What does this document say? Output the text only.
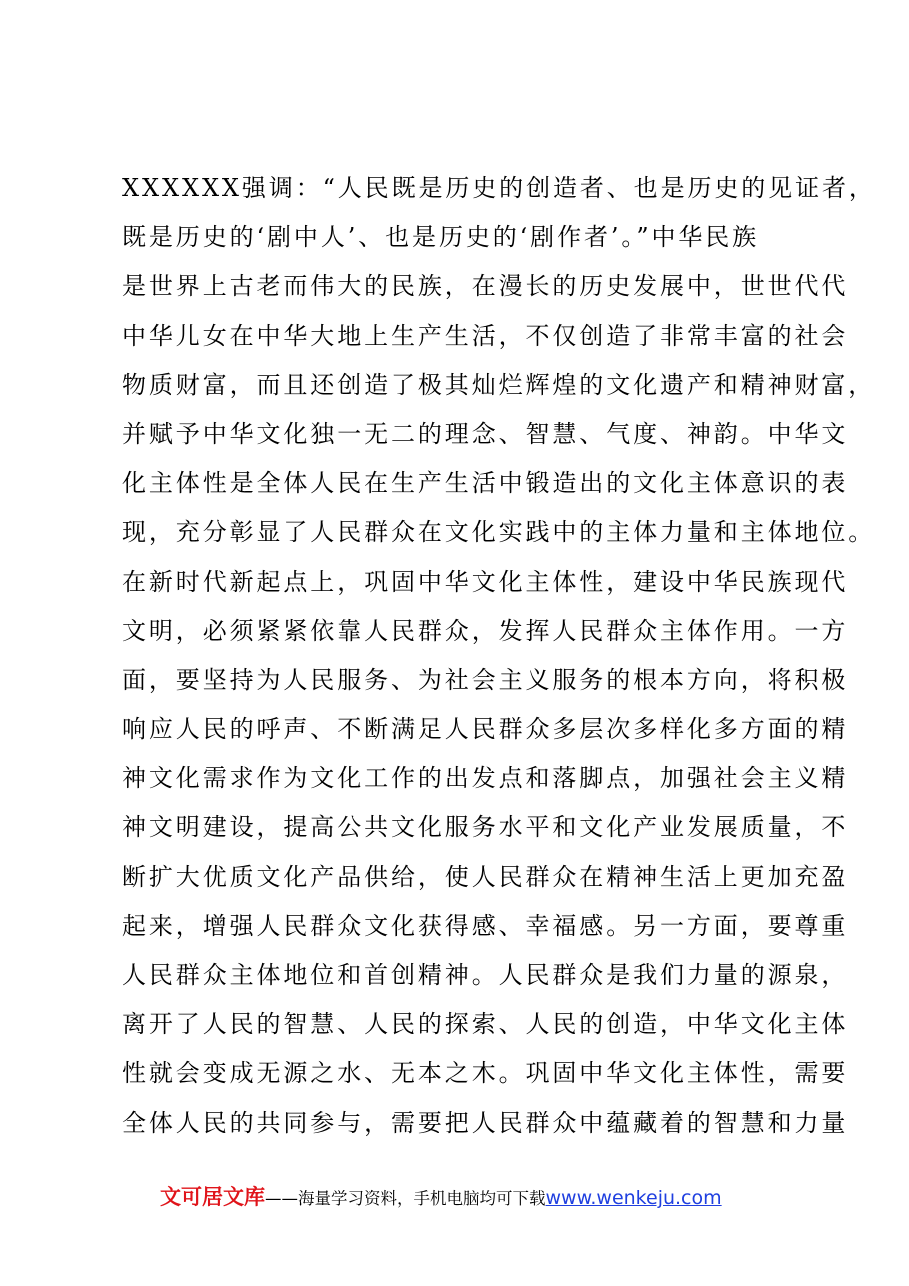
XXXXXX强调：“人民既是历史的创造者、也是历史的见证者，
既是历史的‘剧中人’、也是历史的‘剧作者’。”中华民族
是世界上古老而伟大的民族，在漫长的历史发展中，世世代代
中华儿女在中华大地上生产生活，不仅创造了非常丰富的社会
物质财富，而且还创造了极其灿烂辉煌的文化遗产和精神财富，
并赋予中华文化独一无二的理念、智慧、气度、神韵。中华文
化主体性是全体人民在生产生活中锻造出的文化主体意识的表
现，充分彰显了人民群众在文化实践中的主体力量和主体地位。
在新时代新起点上，巩固中华文化主体性，建设中华民族现代
文明，必须紧紧依靠人民群众，发挥人民群众主体作用。一方
面，要坚持为人民服务、为社会主义服务的根本方向，将积极
响应人民的呼声、不断满足人民群众多层次多样化多方面的精
神文化需求作为文化工作的出发点和落脚点，加强社会主义精
神文明建设，提高公共文化服务水平和文化产业发展质量，不
断扩大优质文化产品供给，使人民群众在精神生活上更加充盈
起来，增强人民群众文化获得感、幸福感。另一方面，要尊重
人民群众主体地位和首创精神。人民群众是我们力量的源泉，
离开了人民的智慧、人民的探索、人民的创造，中华文化主体
性就会变成无源之水、无本之木。巩固中华文化主体性，需要
全体人民的共同参与，需要把人民群众中蕴藏着的智慧和力量
文可居文库——海量学习资料，手机电脑均可下载www.wenkeju.com
